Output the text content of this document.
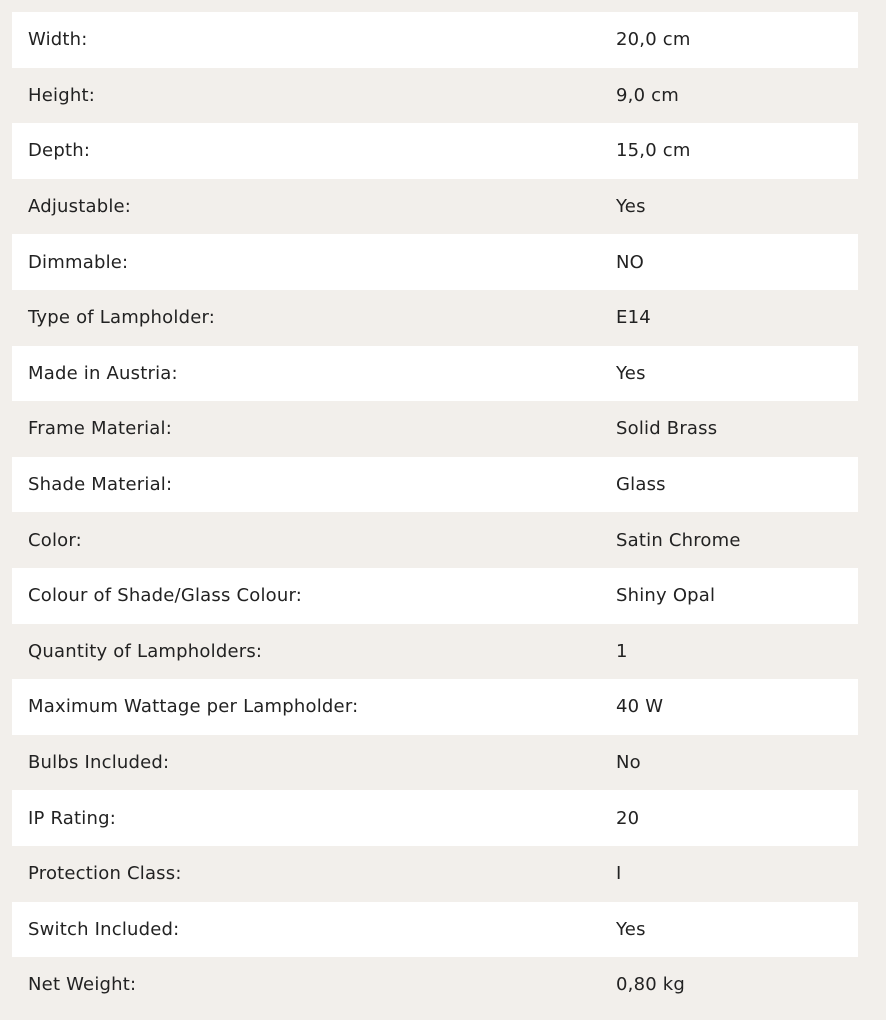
Width:	20,0 cm
Height:	9,0 cm
Depth:	15,0 cm
Adjustable:	Yes
Dimmable:	NO
Type of Lampholder:	E14
Made in Austria:	Yes
Frame Material:	Solid Brass
Shade Material:	Glass
Color:	Satin Chrome
Colour of Shade/Glass Colour:	Shiny Opal
Quantity of Lampholders:	1
Maximum Wattage per Lampholder:	40 W
Bulbs Included:	No
IP Rating:	20
Protection Class:	I
Switch Included:	Yes
Net Weight:	0,80 kg
